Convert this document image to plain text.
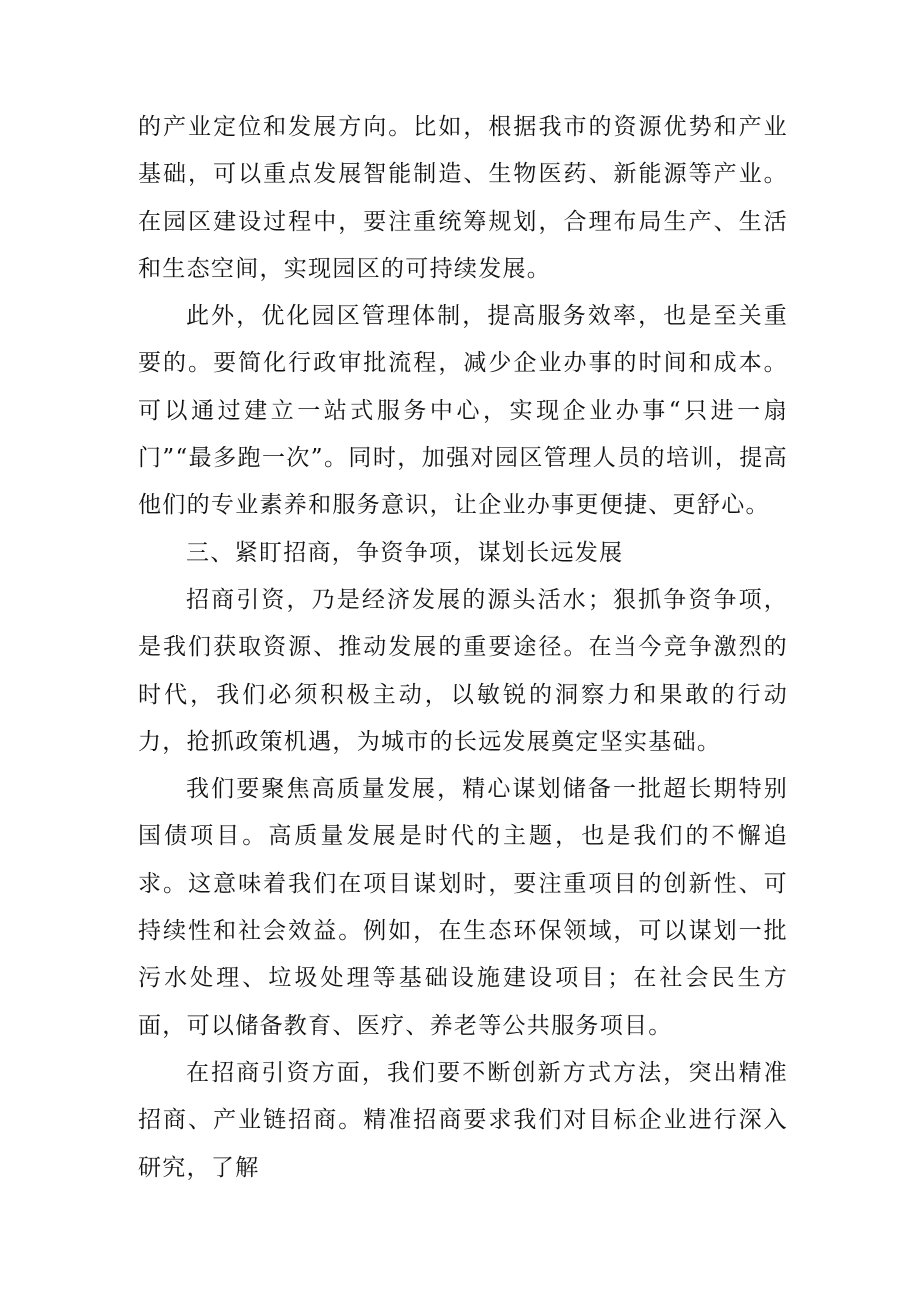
的产业定位和发展方向。比如，根据我市的资源优势和产业基础，可以重点发展智能制造、生物医药、新能源等产业。在园区建设过程中，要注重统筹规划，合理布局生产、生活和生态空间，实现园区的可持续发展。

此外，优化园区管理体制，提高服务效率，也是至关重要的。要简化行政审批流程，减少企业办事的时间和成本。可以通过建立一站式服务中心，实现企业办事“只进一扇门”“最多跑一次”。同时，加强对园区管理人员的培训，提高他们的专业素养和服务意识，让企业办事更便捷、更舒心。

三、紧盯招商，争资争项，谋划长远发展

招商引资，乃是经济发展的源头活水；狠抓争资争项，是我们获取资源、推动发展的重要途径。在当今竞争激烈的时代，我们必须积极主动，以敏锐的洞察力和果敢的行动力，抢抓政策机遇，为城市的长远发展奠定坚实基础。

我们要聚焦高质量发展，精心谋划储备一批超长期特别国债项目。高质量发展是时代的主题，也是我们的不懈追求。这意味着我们在项目谋划时，要注重项目的创新性、可持续性和社会效益。例如，在生态环保领域，可以谋划一批污水处理、垃圾处理等基础设施建设项目；在社会民生方面，可以储备教育、医疗、养老等公共服务项目。

在招商引资方面，我们要不断创新方式方法，突出精准招商、产业链招商。精准招商要求我们对目标企业进行深入研究，了解
